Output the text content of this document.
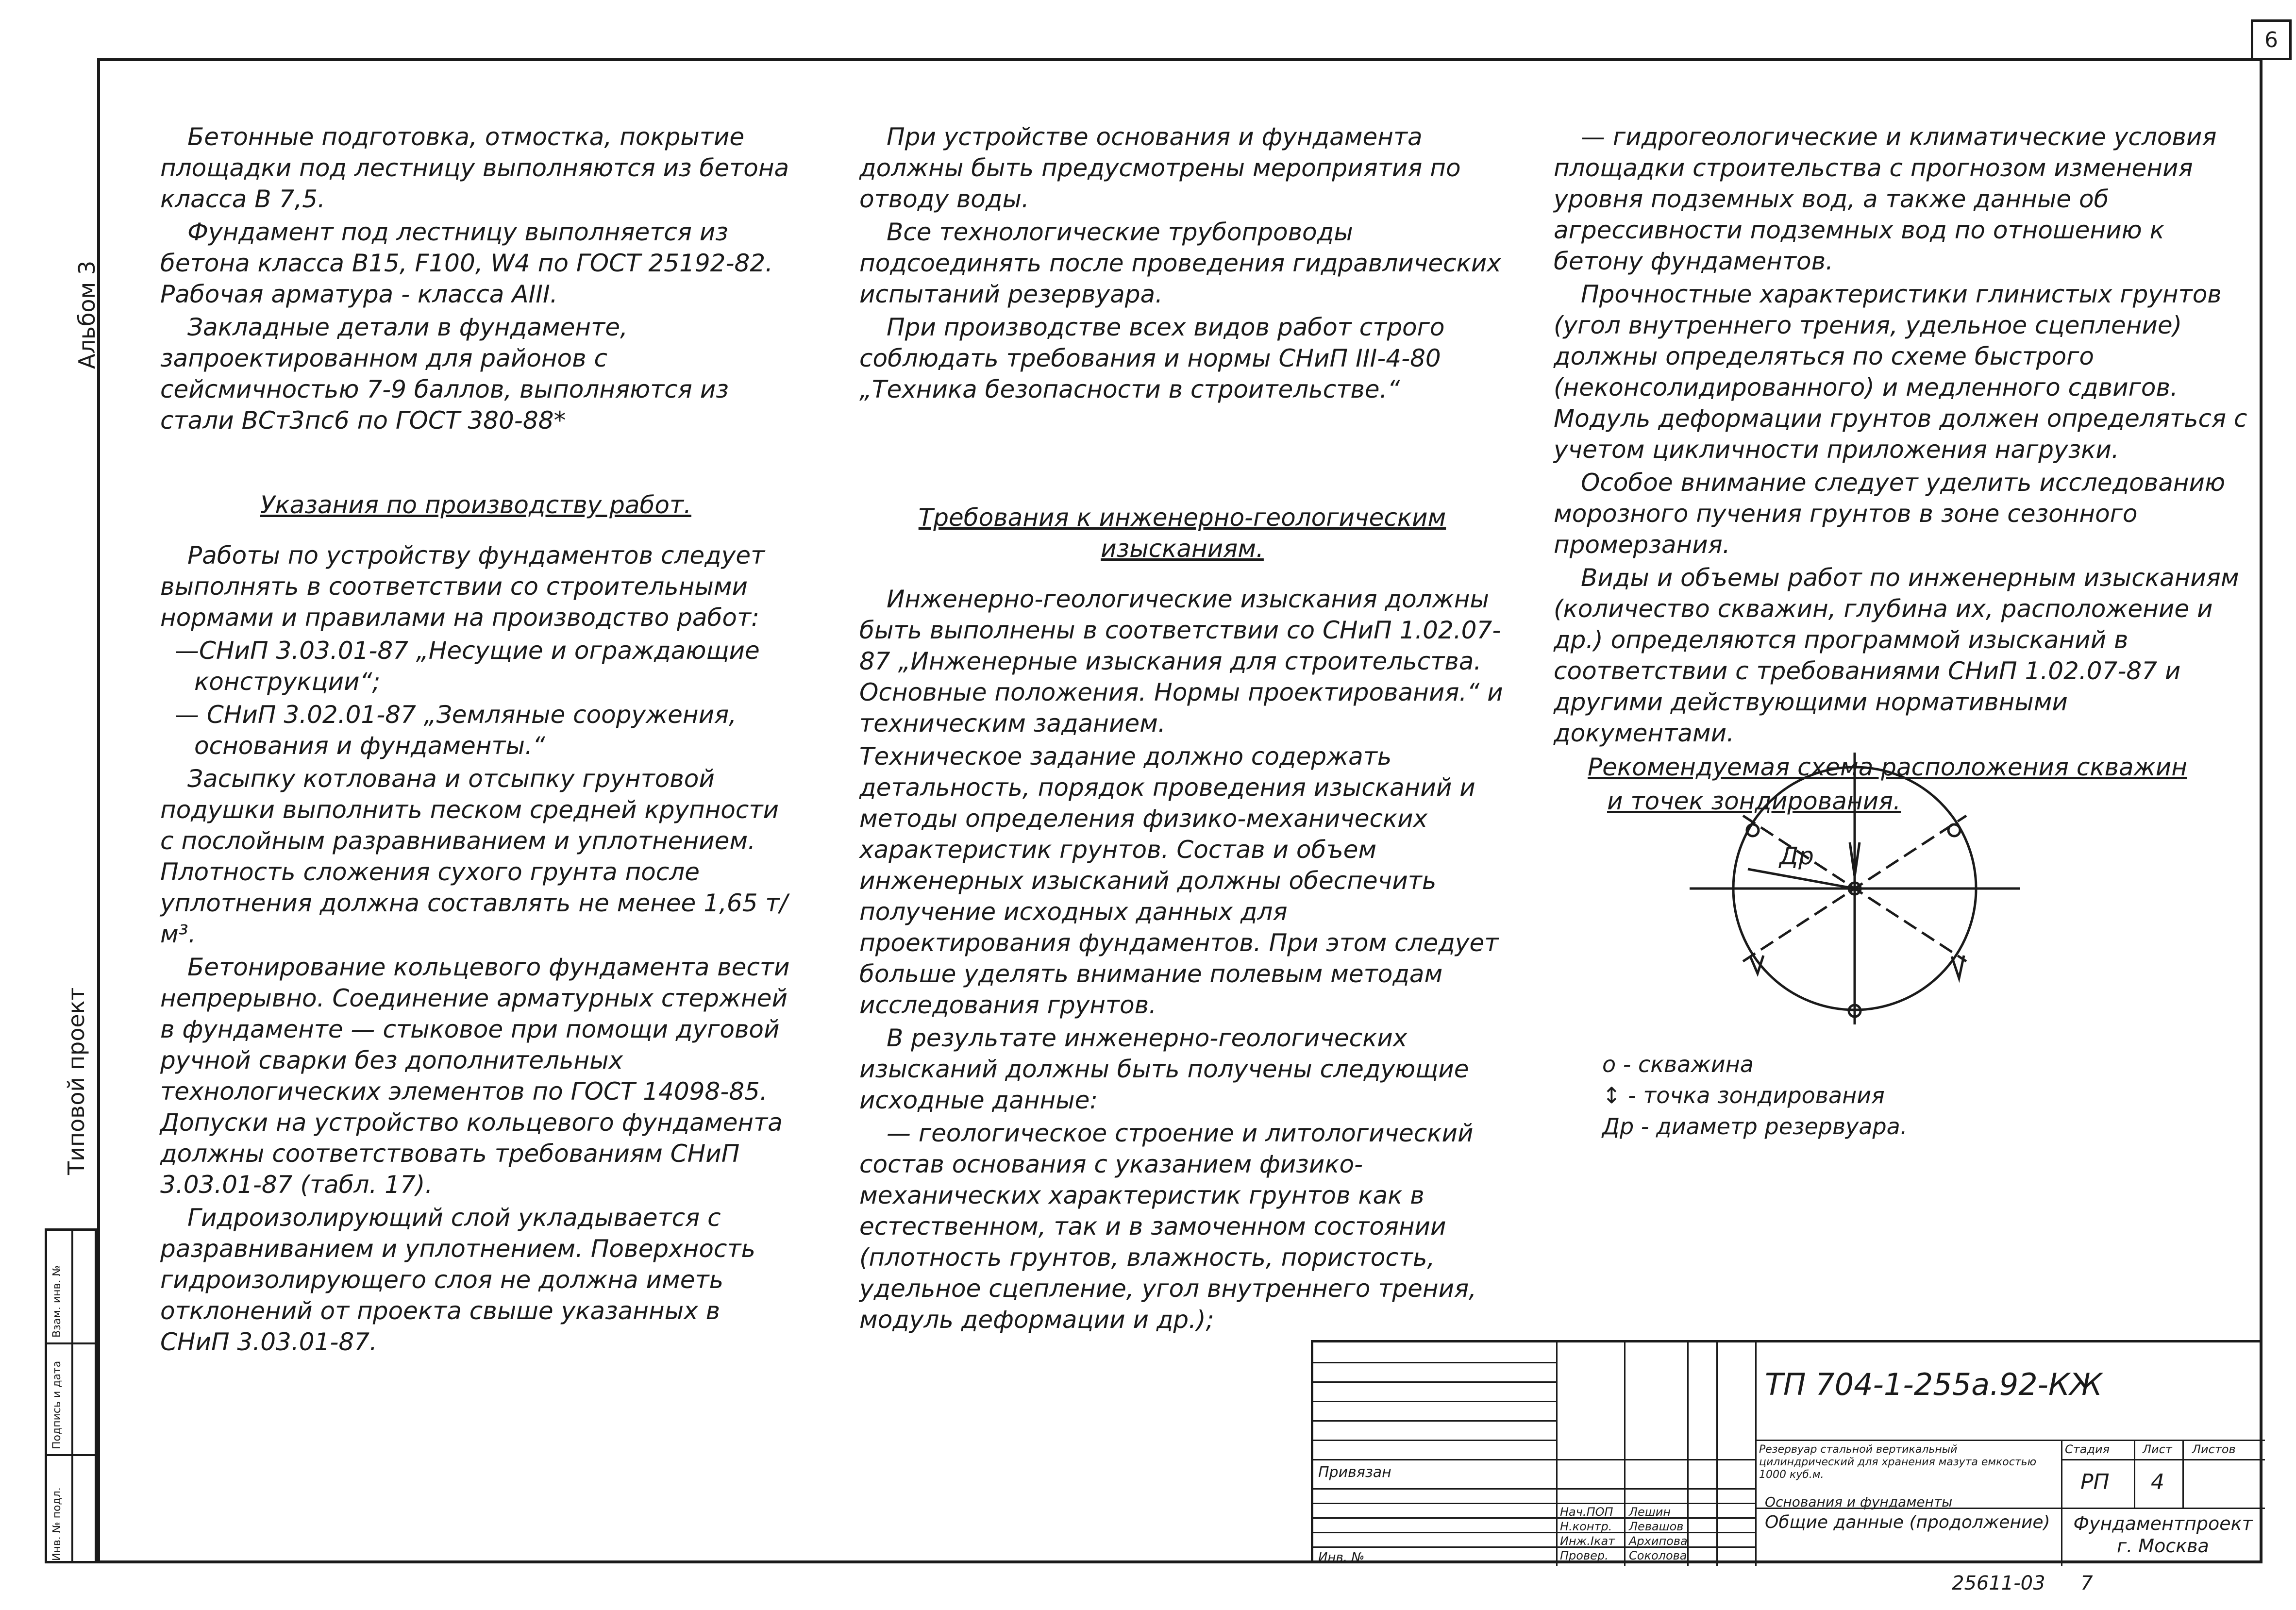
6
Альбом 3
Типовой проект
Инв. № подл.
Подпись и дата
Взам. инв. №

Бетонные подготовка, отмостка, покрытие площадки под лестницу выполняются из бетона класса В 7,5.

Фундамент под лестницу выполняется из бетона класса В15, F100, W4 по ГОСТ 25192-82. Рабочая арматура - класса АIII.

Закладные детали в фундаменте, запроектированном для районов с сейсмичностью 7-9 баллов, выполняются из стали ВСт3пс6 по ГОСТ 380-88*

Указания по производству работ.

Работы по устройству фундаментов следует выполнять в соответствии со строительными нормами и правилами на производство работ:

—СНиП 3.03.01-87 „Несущие и ограждающие конструкции“;

— СНиП 3.02.01-87 „Земляные сооружения, основания и фундаменты.“

Засыпку котлована и отсыпку грунтовой подушки выполнить песком средней крупности с послойным разравниванием и уплотнением. Плотность сложения сухого грунта после уплотнения должна составлять не менее 1,65 т/м³.

Бетонирование кольцевого фундамента вести непрерывно. Соединение арматурных стержней в фундаменте — стыковое при помощи дуговой ручной сварки без дополнительных технологических элементов по ГОСТ 14098-85. Допуски на устройство кольцевого фундамента должны соответствовать требованиям СНиП 3.03.01-87 (табл. 17).

Гидроизолирующий слой укладывается с разравниванием и уплотнением. Поверхность гидроизолирующего слоя не должна иметь отклонений от проекта свыше указанных в СНиП 3.03.01-87.

При устройстве основания и фундамента должны быть предусмотрены мероприятия по отводу воды.

Все технологические трубопроводы подсоединять после проведения гидравлических испытаний резервуара.

При производстве всех видов работ строго соблюдать требования и нормы СНиП III-4-80 „Техника безопасности в строительстве.“

Требования к инженерно-геологическим изысканиям.

Инженерно-геологические изыскания должны быть выполнены в соответствии со СНиП 1.02.07-87 „Инженерные изыскания для строительства. Основные положения. Нормы проектирования.“ и техническим заданием.

Техническое задание должно содержать детальность, порядок проведения изысканий и методы определения физико-механических характеристик грунтов. Состав и объем инженерных изысканий должны обеспечить получение исходных данных для проектирования фундаментов. При этом следует больше уделять внимание полевым методам исследования грунтов.

В результате инженерно-геологических изысканий должны быть получены следующие исходные данные:

— геологическое строение и литологический состав основания с указанием физико-механических характеристик грунтов как в естественном, так и в замоченном состоянии (плотность грунтов, влажность, пористость, удельное сцепление, угол внутреннего трения, модуль деформации и др.);

— гидрогеологические и климатические условия площадки строительства с прогнозом изменения уровня подземных вод, а также данные об агрессивности подземных вод по отношению к бетону фундаментов.

Прочностные характеристики глинистых грунтов (угол внутреннего трения, удельное сцепление) должны определяться по схеме быстрого (неконсолидированного) и медленного сдвигов. Модуль деформации грунтов должен определяться с учетом цикличности приложения нагрузки.

Особое внимание следует уделить исследованию морозного пучения грунтов в зоне сезонного промерзания.

Виды и объемы работ по инженерным изысканиям (количество скважин, глубина их, расположение и др.) определяются программой изысканий в соответствии с требованиями СНиП 1.02.07-87 и другими действующими нормативными документами.

Рекомендуемая схема расположения скважин

и точек зондирования.

Др
о - скважина
↕ - точка зондирования
Др - диаметр резервуара.
ТП 704-1-255а.92-КЖ
Привязан
Инв. №
Нач.ПОП
Н.контр.
Инж.Ікат
Провер.
Лешин
Левашов
Архипова
Соколова
Резервуар стальной вертикальный цилиндрический для хранения мазута емкостью 1000 куб.м.
Основания и фундаменты
Общие данные (продолжение)
Стадия	Лист Листов
РП 4
Фундаментпроект г. Москва
25611-03 7
